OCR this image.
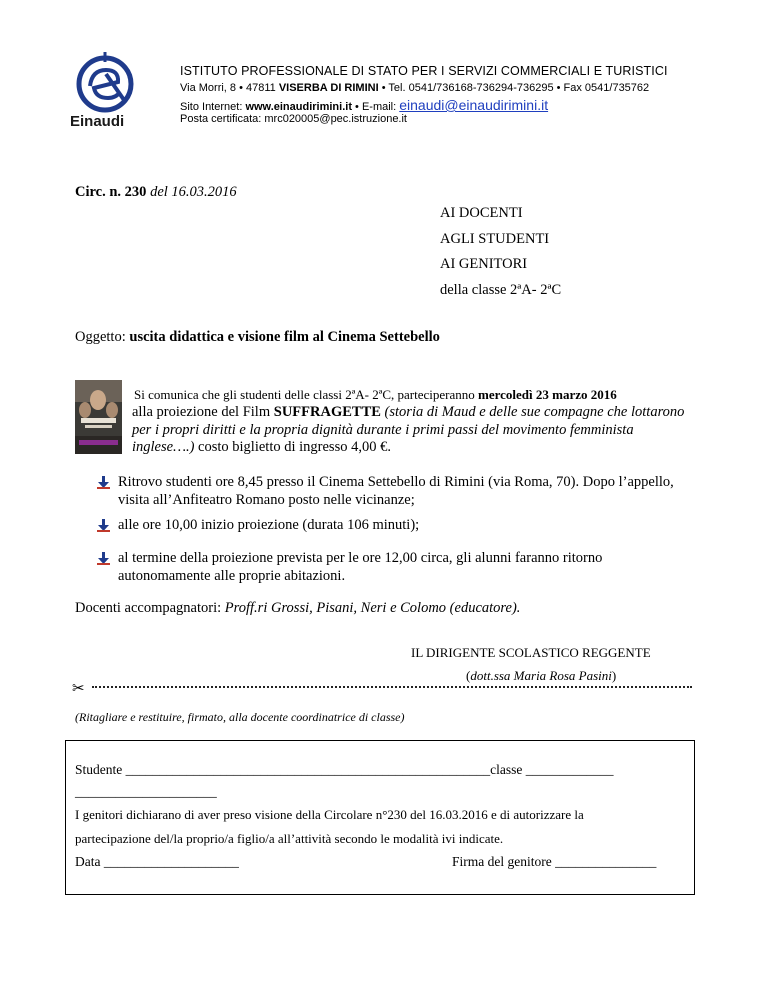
Einaudi
ISTITUTO PROFESSIONALE DI STATO PER I SERVIZI COMMERCIALI E TURISTICI
Via Morri, 8 • 47811 VISERBA DI RIMINI • Tel. 0541/736168-736294-736295 • Fax 0541/735762
Sito Internet: www.einaudirimini.it • E-mail: einaudi@einaudirimini.it
Posta certificata: mrc020005@pec.istruzione.it
Circ. n. 230 del 16.03.2016
AI DOCENTI
AGLI STUDENTI
AI GENITORI
della classe 2ªA- 2ªC
Oggetto: uscita didattica e visione film al Cinema Settebello
Si comunica che gli studenti delle classi 2ªA- 2ªC, parteciperanno mercoledì 23 marzo 2016
alla proiezione del Film SUFFRAGETTE (storia di Maud e delle sue compagne che lottarono per i propri diritti e la propria dignità durante i primi passi del movimento femminista inglese….) costo biglietto di ingresso 4,00 €.
Ritrovo studenti ore 8,45 presso il Cinema Settebello di Rimini (via Roma, 70). Dopo l’appello, visita all’Anfiteatro Romano posto nelle vicinanze;
alle ore 10,00 inizio proiezione (durata 106 minuti);
al termine della proiezione prevista per le ore 12,00 circa, gli alunni faranno ritorno autonomamente alle proprie abitazioni.
Docenti accompagnatori: Proff.ri Grossi, Pisani, Neri e Colomo (educatore).
IL DIRIGENTE SCOLASTICO REGGENTE
(dott.ssa Maria Rosa Pasini)
✂
(Ritagliare e restituire, firmato, alla docente coordinatrice di classe)
Studente ______________________________________________________classe _____________
_____________________
I genitori dichiarano di aver preso visione della Circolare n°230 del 16.03.2016 e di autorizzare la
partecipazione del/la proprio/a figlio/a all’attività secondo le modalità ivi indicate.
Data ____________________	Firma del genitore _______________
